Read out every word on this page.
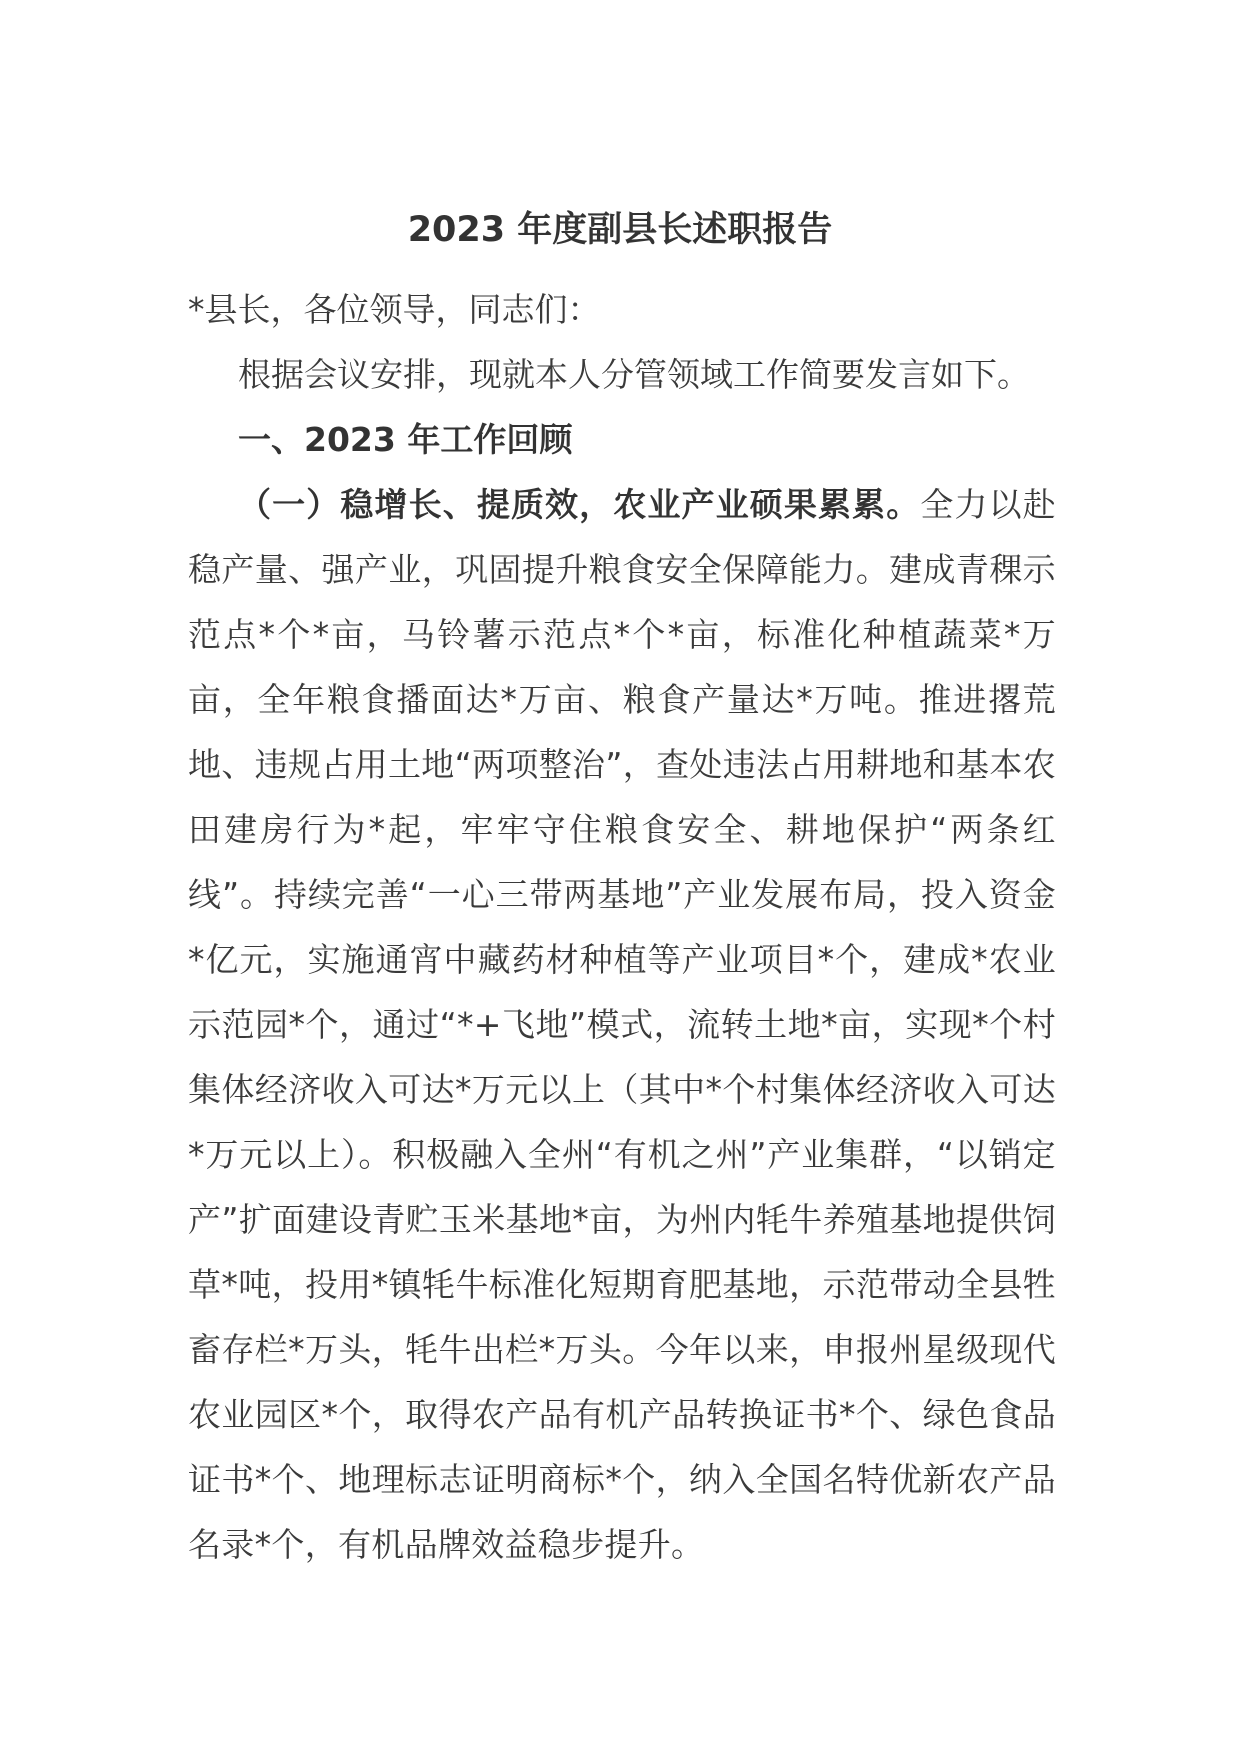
2023 年度副县长述职报告

*县长，各位领导，同志们：

根据会议安排，现就本人分管领域工作简要发言如下。

一、2023 年工作回顾

（一）稳增长、提质效，农业产业硕果累累。全力以赴稳产量、强产业，巩固提升粮食安全保障能力。建成青稞示范点*个*亩，马铃薯示范点*个*亩，标准化种植蔬菜*万亩，全年粮食播面达*万亩、粮食产量达*万吨。推进撂荒地、违规占用土地“两项整治”，查处违法占用耕地和基本农田建房行为*起，牢牢守住粮食安全、耕地保护“两条红线”。持续完善“一心三带两基地”产业发展布局，投入资金*亿元，实施通宵中藏药材种植等产业项目*个，建成*农业示范园*个，通过“*+飞地”模式，流转土地*亩，实现*个村集体经济收入可达*万元以上（其中*个村集体经济收入可达*万元以上）。积极融入全州“有机之州”产业集群，“以销定产”扩面建设青贮玉米基地*亩，为州内牦牛养殖基地提供饲草*吨，投用*镇牦牛标准化短期育肥基地，示范带动全县牲畜存栏*万头，牦牛出栏*万头。今年以来，申报州星级现代农业园区*个，取得农产品有机产品转换证书*个、绿色食品证书*个、地理标志证明商标*个，纳入全国名特优新农产品名录*个，有机品牌效益稳步提升。
